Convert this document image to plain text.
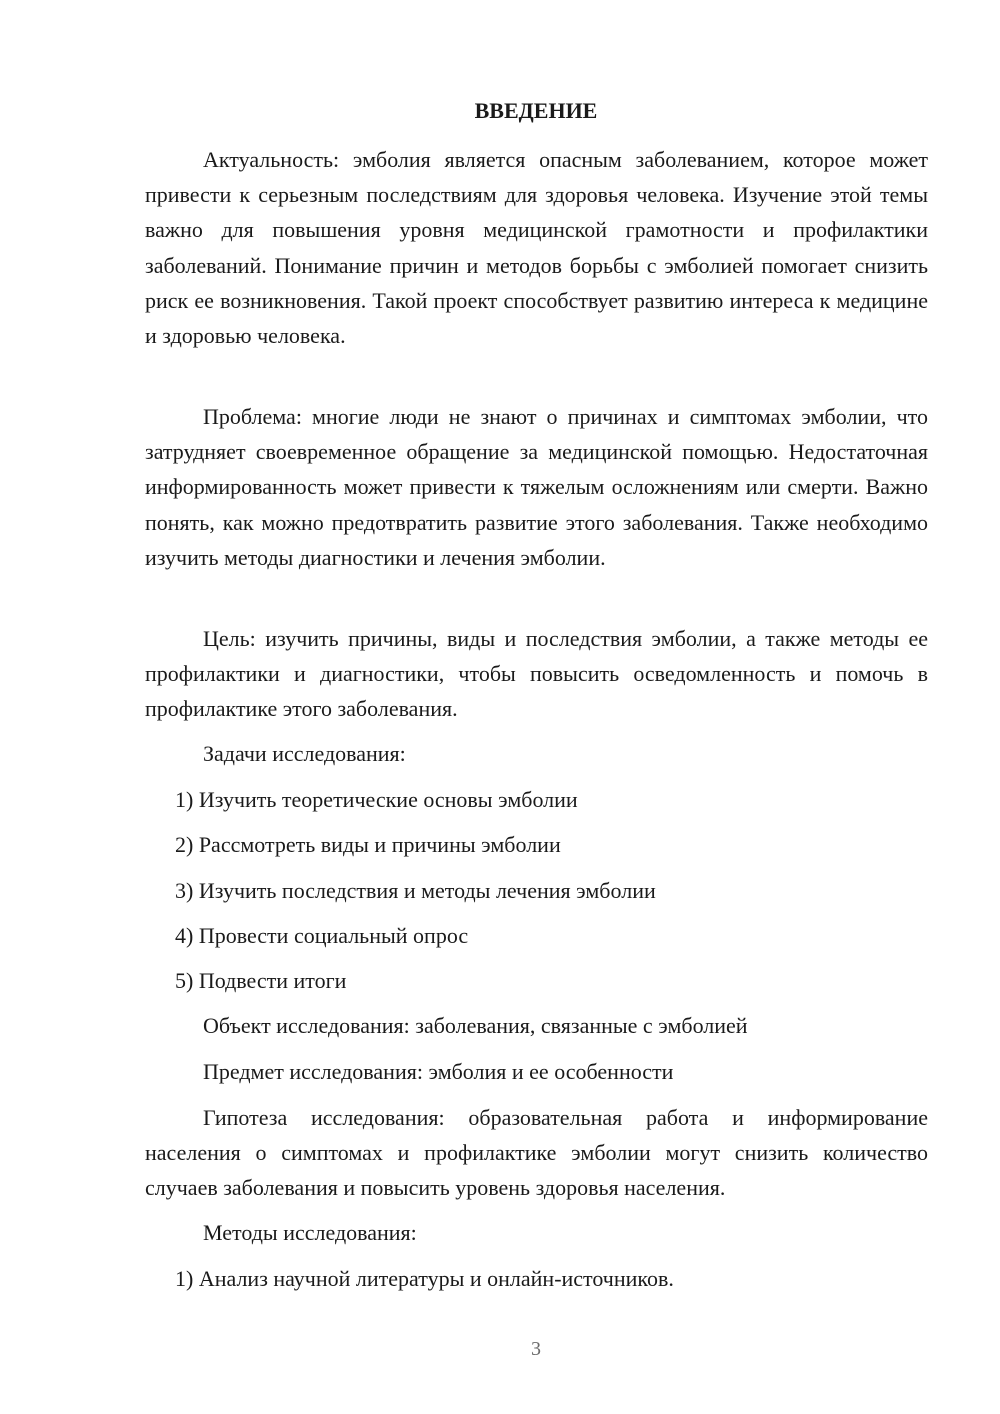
ВВЕДЕНИЕ
Актуальность: эмболия является опасным заболеванием, которое может привести к серьезным последствиям для здоровья человека. Изучение этой темы важно для повышения уровня медицинской грамотности и профилактики заболеваний. Понимание причин и методов борьбы с эмболией помогает снизить риск ее возникновения. Такой проект способствует развитию интереса к медицине и здоровью человека.
Проблема: многие люди не знают о причинах и симптомах эмболии, что затрудняет своевременное обращение за медицинской помощью. Недостаточная информированность может привести к тяжелым осложнениям или смерти. Важно понять, как можно предотвратить развитие этого заболевания. Также необходимо изучить методы диагностики и лечения эмболии.
Цель: изучить причины, виды и последствия эмболии, а также методы ее профилактики и диагностики, чтобы повысить осведомленность и помочь в профилактике этого заболевания.
Задачи исследования:
1) Изучить теоретические основы эмболии
2) Рассмотреть виды и причины эмболии
3) Изучить последствия и методы лечения эмболии
4) Провести социальный опрос
5) Подвести итоги
Объект исследования: заболевания, связанные с эмболией
Предмет исследования: эмболия и ее особенности
Гипотеза исследования: образовательная работа и информирование населения о симптомах и профилактике эмболии могут снизить количество случаев заболевания и повысить уровень здоровья населения.
Методы исследования:
1) Анализ научной литературы и онлайн-источников.
3
